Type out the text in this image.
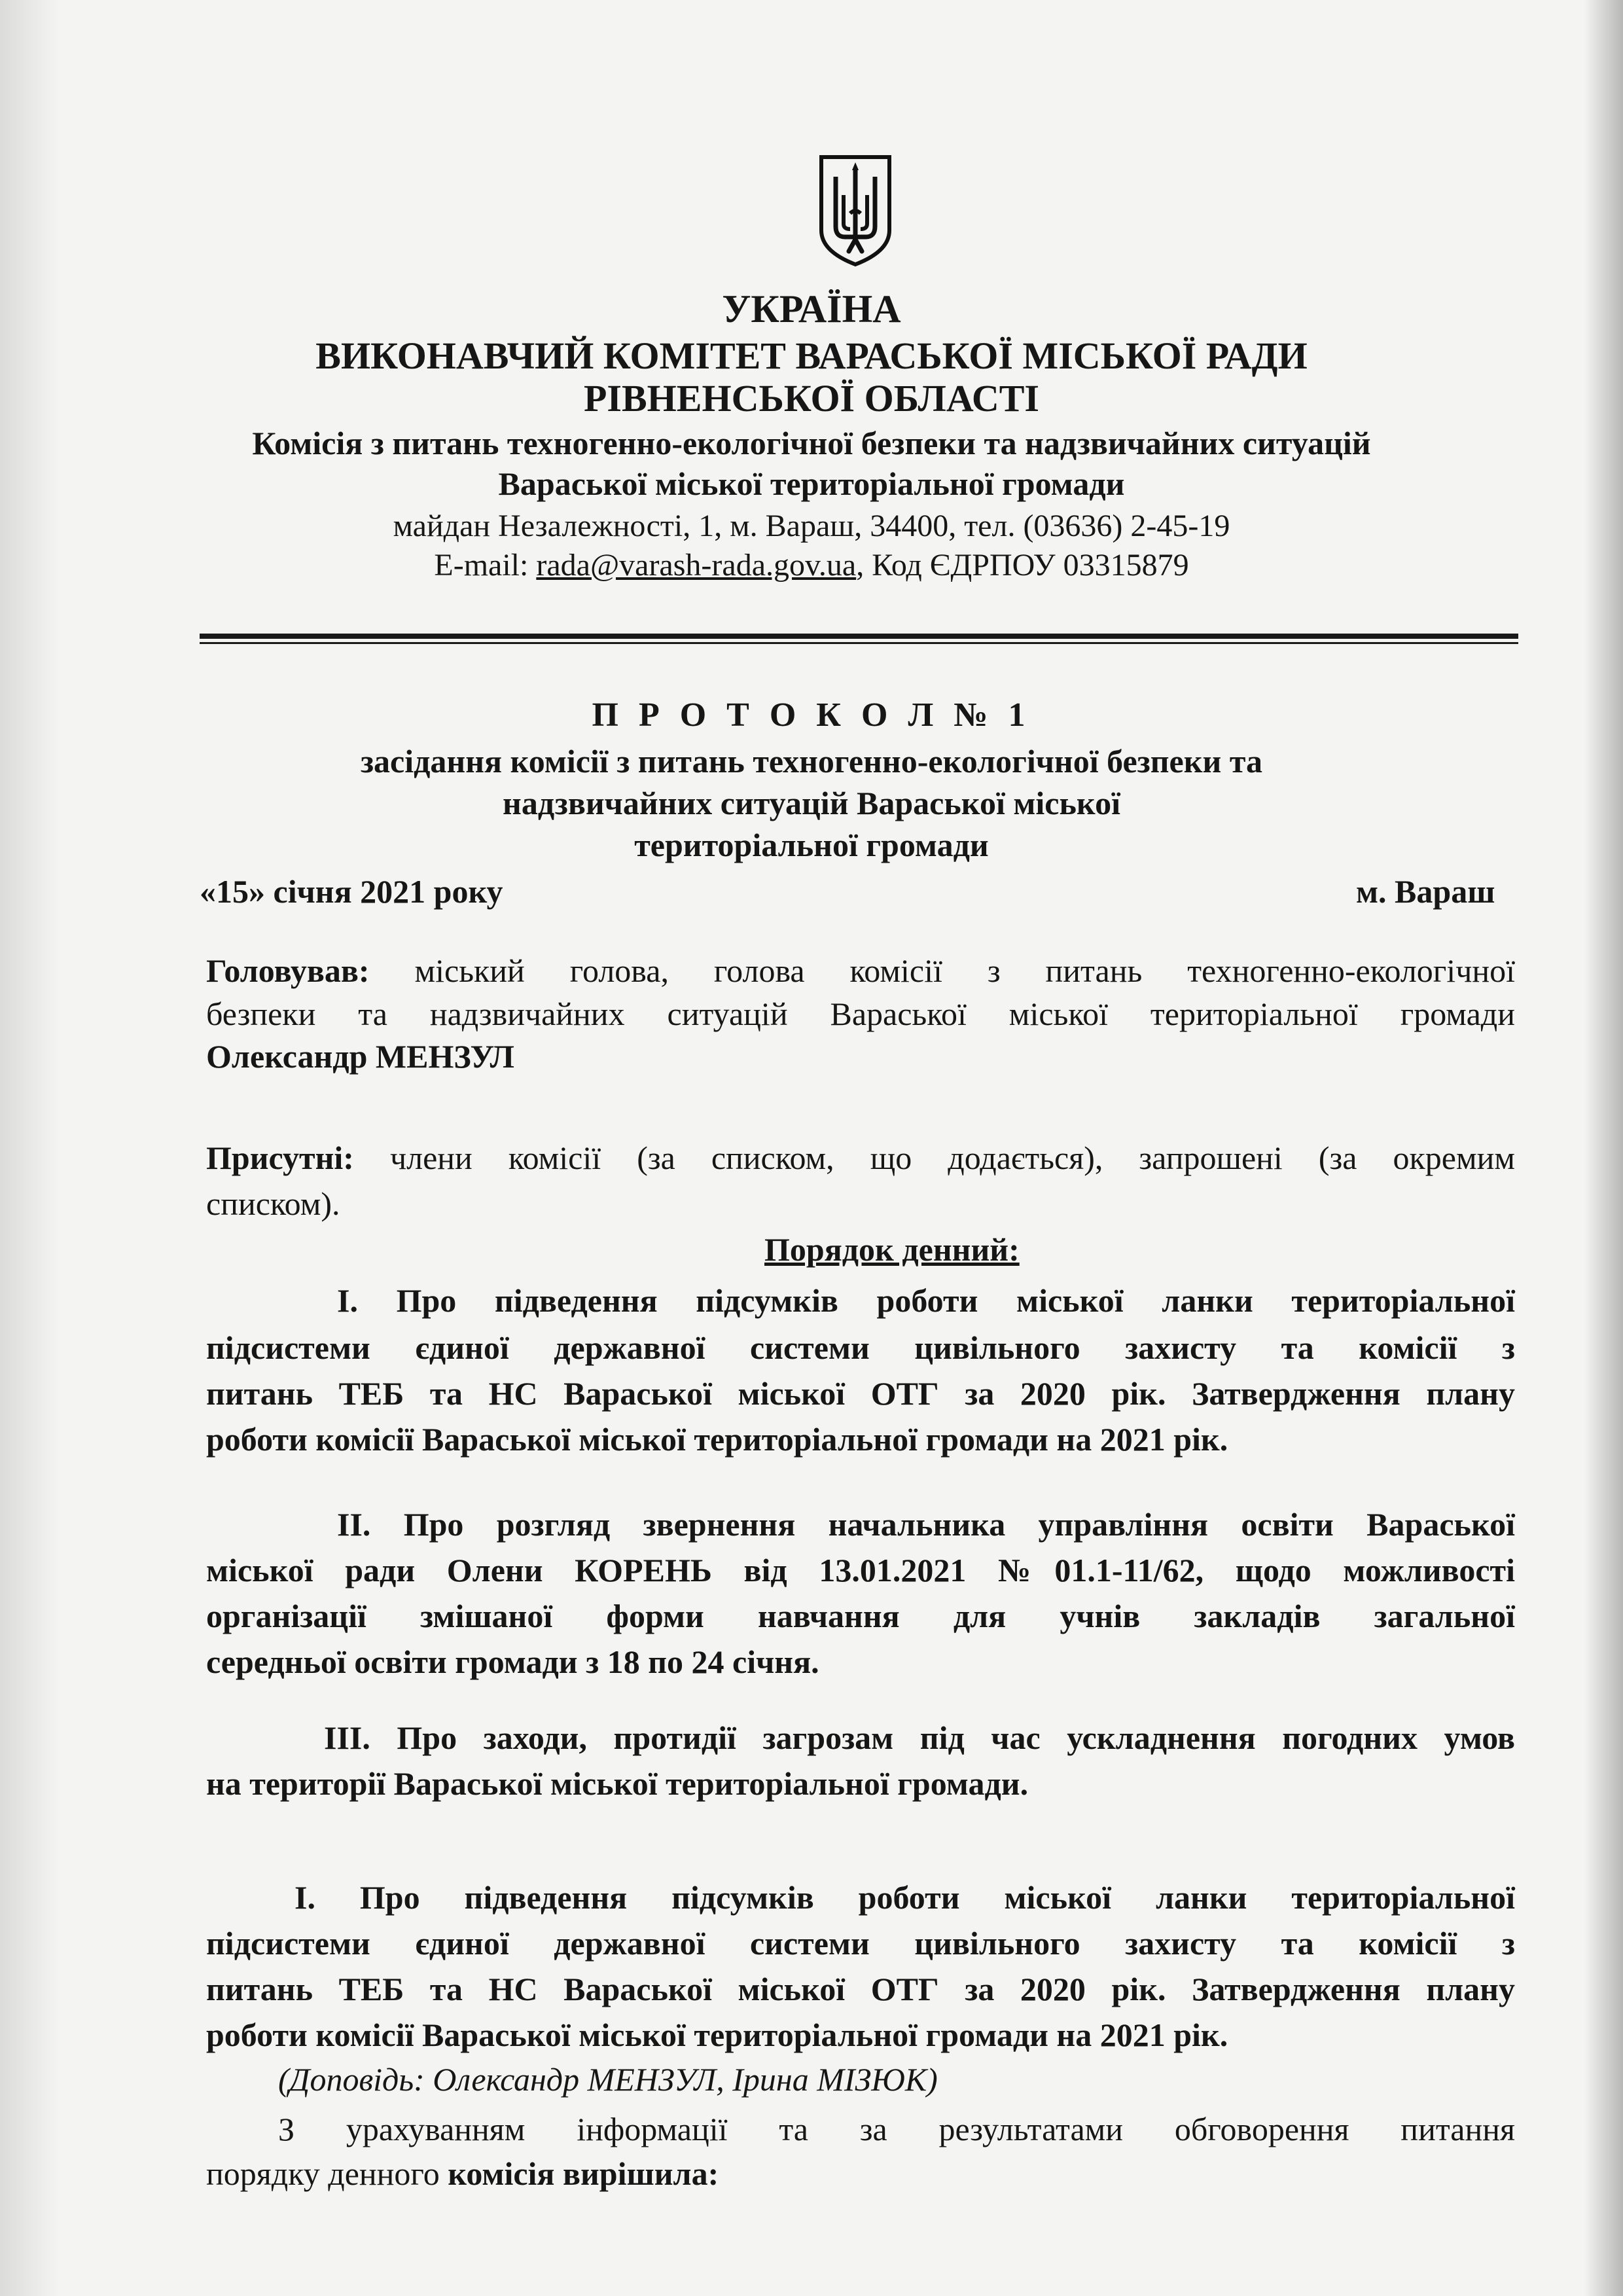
УКРАЇНА
ВИКОНАВЧИЙ КОМІТЕТ ВАРАСЬКОЇ МІСЬКОЇ РАДИ
РІВНЕНСЬКОЇ ОБЛАСТІ
Комісія з питань техногенно-екологічної безпеки та надзвичайних ситуацій
Вараської міської територіальної громади
майдан Незалежності, 1, м. Вараш, 34400, тел. (03636) 2-45-19
E-mail: rada@varash-rada.gov.ua, Код ЄДРПОУ 03315879
П Р О Т О К О Л № 1
засідання комісії з питань техногенно-екологічної безпеки та
надзвичайних ситуацій Вараської міської
територіальної громади
«15» січня 2021 року	м. Вараш
Головував: міський голова, голова комісії з питань техногенно-екологічної
безпеки та надзвичайних ситуацій Вараської міської територіальної громади
Олександр МЕНЗУЛ
Присутні: члени комісії (за списком, що додається), запрошені (за окремим
списком).
Порядок денний:
І. Про підведення підсумків роботи міської ланки територіальної
підсистеми єдиної державної системи цивільного захисту та комісії з
питань ТЕБ та НС Вараської міської ОТГ за 2020 рік. Затвердження плану
роботи комісії Вараської міської територіальної громади на 2021 рік.
ІІ. Про розгляд звернення начальника управління освіти Вараської
міської ради Олени КОРЕНЬ від 13.01.2021 №01.1-11/62, щодо можливості
організації змішаної форми навчання для учнів закладів загальної
середньої освіти громади з 18 по 24 січня.
ІІІ. Про заходи, протидії загрозам під час ускладнення погодних умов
на території Вараської міської територіальної громади.
І. Про підведення підсумків роботи міської ланки територіальної
підсистеми єдиної державної системи цивільного захисту та комісії з
питань ТЕБ та НС Вараської міської ОТГ за 2020 рік. Затвердження плану
роботи комісії Вараської міської територіальної громади на 2021 рік.
(Доповідь: Олександр МЕНЗУЛ, Ірина МІЗЮК)
З урахуванням інформації та за результатами обговорення питання
порядку денного комісія вирішила:
